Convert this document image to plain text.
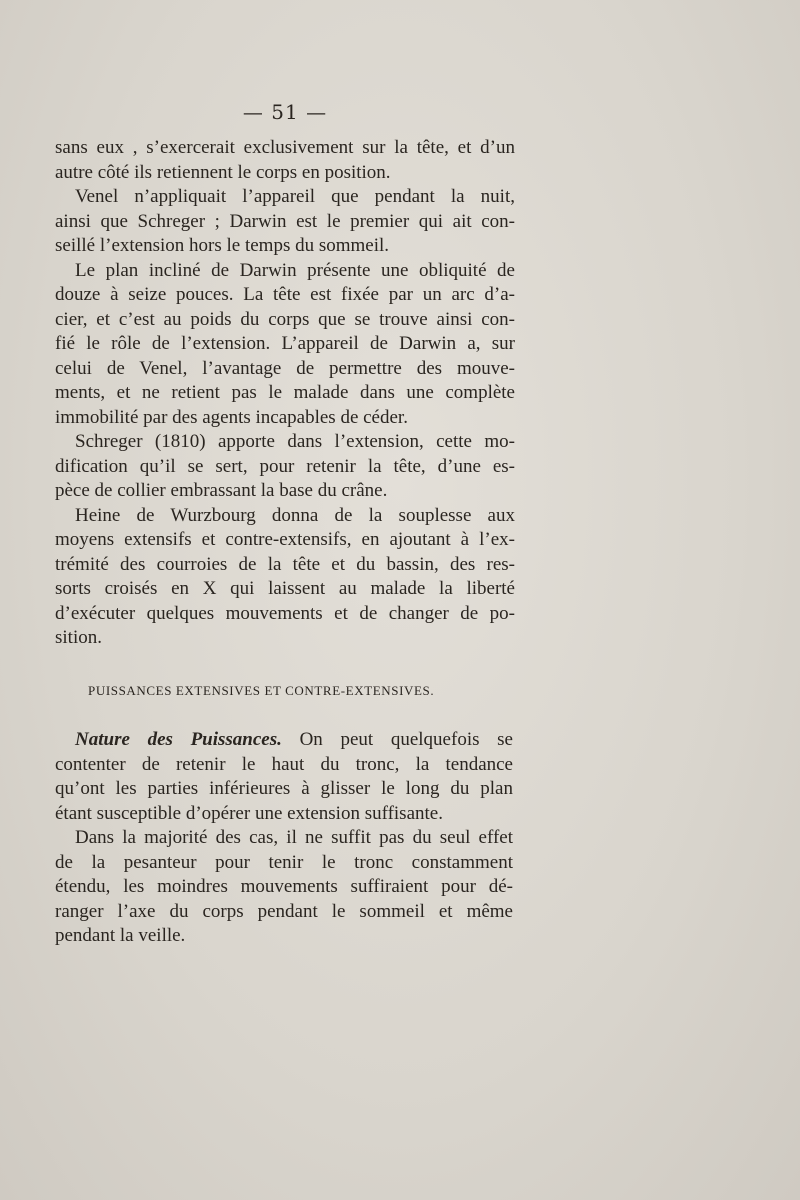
— 51 —
sans eux , s’exercerait exclusivement sur la tête, et d’un
autre côté ils retiennent le corps en position.
Venel n’appliquait l’appareil que pendant la nuit,
ainsi que Schreger ; Darwin est le premier qui ait con-
seillé l’extension hors le temps du sommeil.
Le plan incliné de Darwin présente une obliquité de
douze à seize pouces. La tête est fixée par un arc d’a-
cier, et c’est au poids du corps que se trouve ainsi con-
fié le rôle de l’extension. L’appareil de Darwin a, sur
celui de Venel, l’avantage de permettre des mouve-
ments, et ne retient pas le malade dans une complète
immobilité par des agents incapables de céder.
Schreger (1810) apporte dans l’extension, cette mo-
dification qu’il se sert, pour retenir la tête, d’une es-
pèce de collier embrassant la base du crâne.
Heine de Wurzbourg donna de la souplesse aux
moyens extensifs et contre-extensifs, en ajoutant à l’ex-
trémité des courroies de la tête et du bassin, des res-
sorts croisés en X qui laissent au malade la liberté
d’exécuter quelques mouvements et de changer de po-
sition.
PUISSANCES EXTENSIVES ET CONTRE-EXTENSIVES.
Nature des Puissances. On peut quelquefois se
contenter de retenir le haut du tronc, la tendance
qu’ont les parties inférieures à glisser le long du plan
étant susceptible d’opérer une extension suffisante.
Dans la majorité des cas, il ne suffit pas du seul effet
de la pesanteur pour tenir le tronc constamment
étendu, les moindres mouvements suffiraient pour dé-
ranger l’axe du corps pendant le sommeil et même
pendant la veille.
